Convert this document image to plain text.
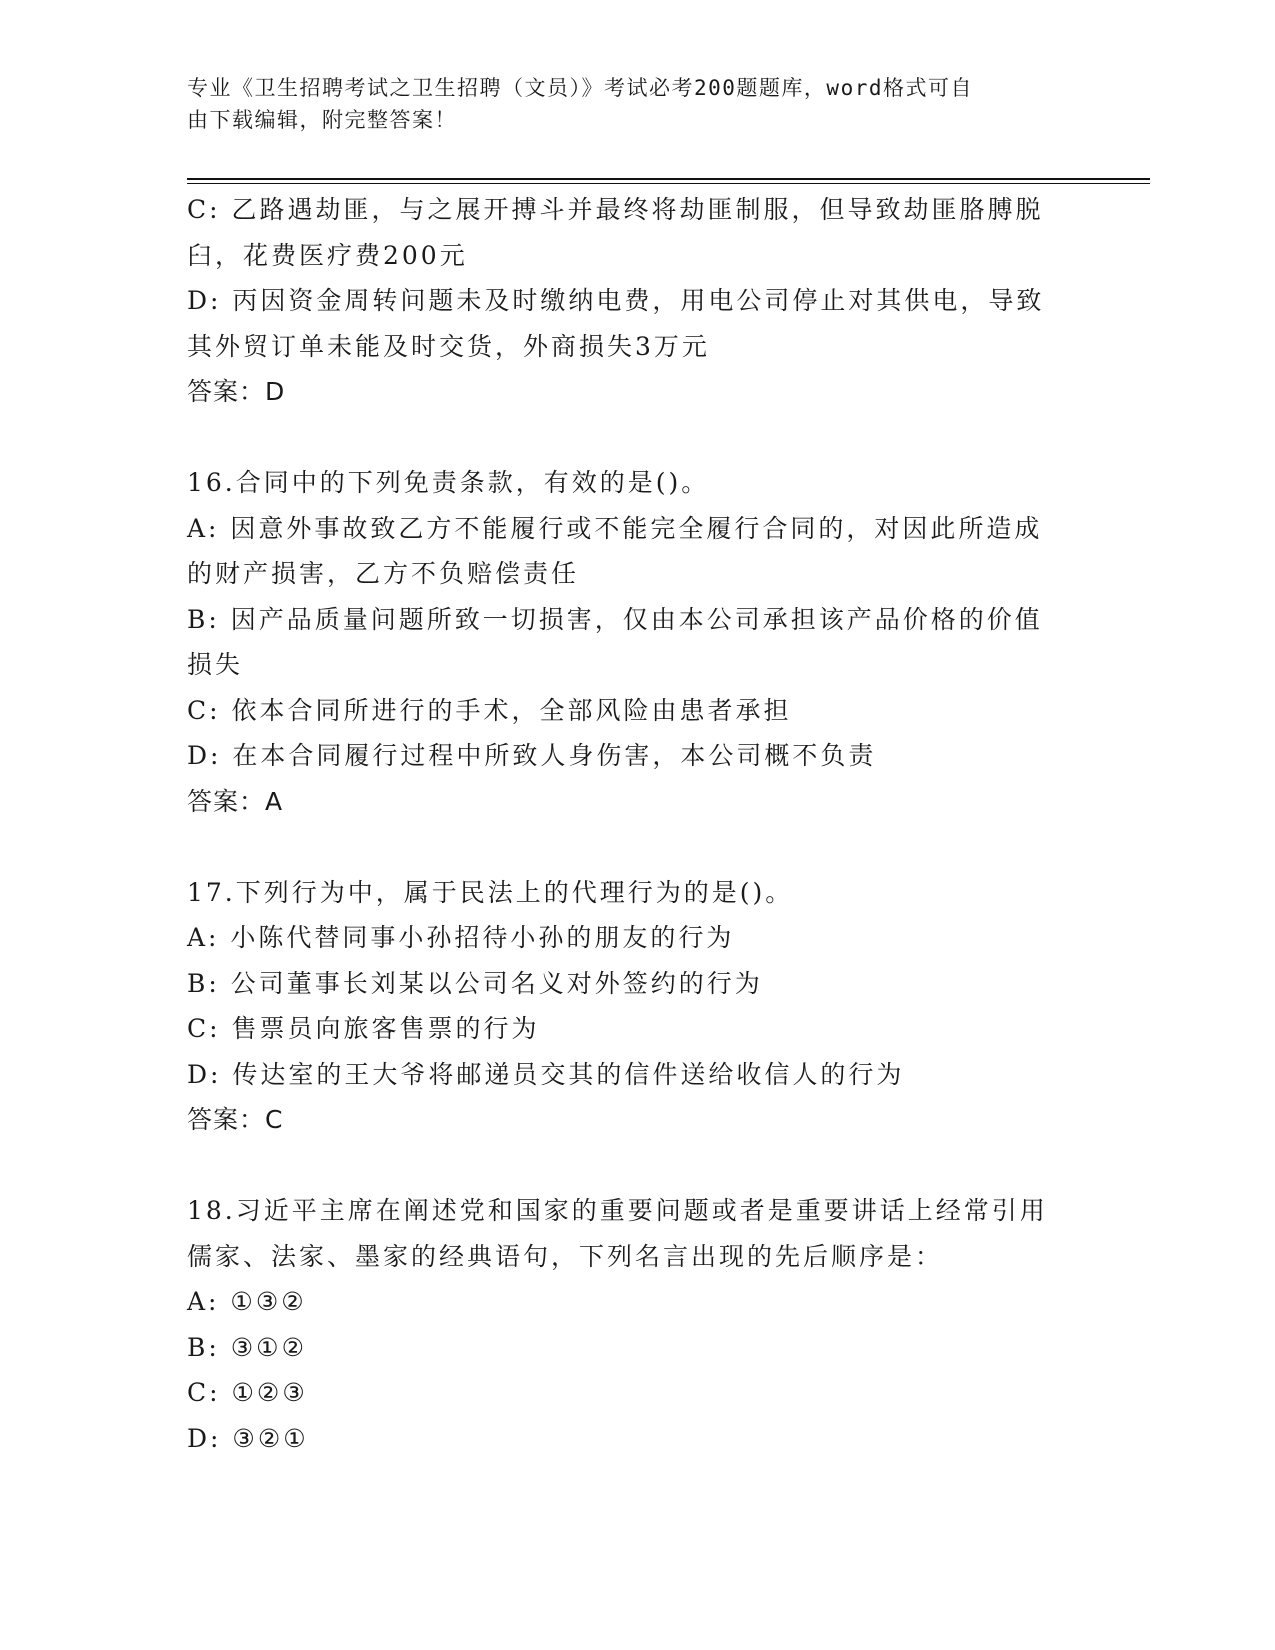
专业《卫生招聘考试之卫生招聘（文员）》考试必考200题题库，word格式可自
由下载编辑，附完整答案！
C: 乙路遇劫匪，与之展开搏斗并最终将劫匪制服，但导致劫匪胳膊脱
臼，花费医疗费200元
D: 丙因资金周转问题未及时缴纳电费，用电公司停止对其供电，导致
其外贸订单未能及时交货，外商损失3万元
答案：D
16.合同中的下列免责条款，有效的是()。
A: 因意外事故致乙方不能履行或不能完全履行合同的，对因此所造成
的财产损害，乙方不负赔偿责任
B: 因产品质量问题所致一切损害，仅由本公司承担该产品价格的价值
损失
C: 依本合同所进行的手术，全部风险由患者承担
D: 在本合同履行过程中所致人身伤害，本公司概不负责
答案：A
17.下列行为中，属于民法上的代理行为的是()。
A: 小陈代替同事小孙招待小孙的朋友的行为
B: 公司董事长刘某以公司名义对外签约的行为
C: 售票员向旅客售票的行为
D: 传达室的王大爷将邮递员交其的信件送给收信人的行为
答案：C
18.习近平主席在阐述党和国家的重要问题或者是重要讲话上经常引用
儒家、法家、墨家的经典语句，下列名言出现的先后顺序是：
A: ①③②
B: ③①②
C: ①②③
D: ③②①
